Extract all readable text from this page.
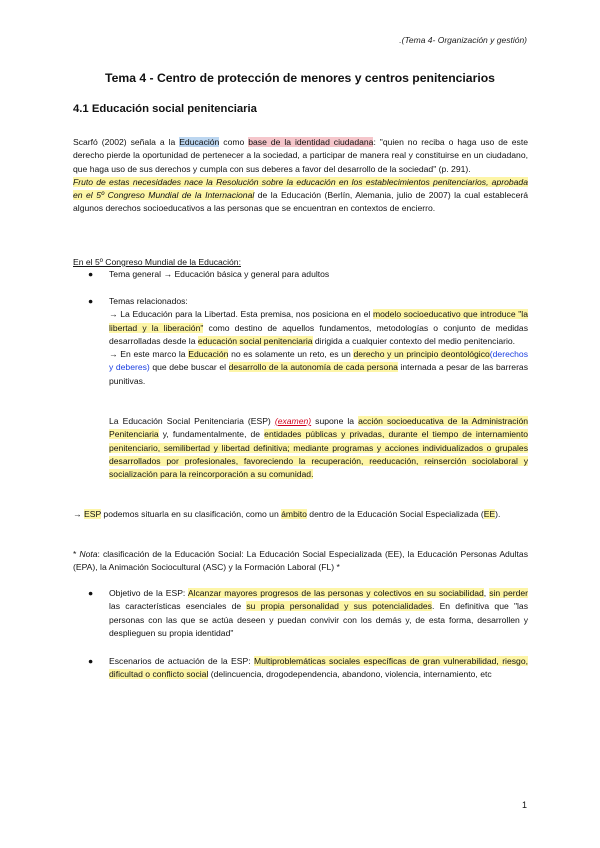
.(Tema 4- Organización y gestión)
Tema 4 - Centro de protección de menores y centros penitenciarios
4.1 Educación social penitenciaria
Scarfó (2002) señala a la Educación como base de la identidad ciudadana: "quien no reciba o haga uso de este derecho pierde la oportunidad de pertenecer a la sociedad, a participar de manera real y constituirse en un ciudadano, que haga uso de sus derechos y cumpla con sus deberes a favor del desarrollo de la sociedad" (p. 291).
Fruto de estas necesidades nace la Resolución sobre la educación en los establecimientos penitenciarios, aprobada en el 5º Congreso Mundial de la Internacional de la Educación (Berlín, Alemania, julio de 2007) la cual establecerá algunos derechos socioeducativos a las personas que se encuentran en contextos de encierro.
En el 5º Congreso Mundial de la Educación:
● Tema general → Educación básica y general para adultos
● Temas relacionados:
→ La Educación para la Libertad. Esta premisa, nos posiciona en el modelo socioeducativo que introduce "la libertad y la liberación" como destino de aquellos fundamentos, metodologías o conjunto de medidas desarrolladas desde la educación social penitenciaria dirigida a cualquier contexto del medio penitenciario.
→ En este marco la Educación no es solamente un reto, es un derecho y un principio deontológico(derechos y deberes) que debe buscar el desarrollo de la autonomía de cada persona internada a pesar de las barreras punitivas.
La Educación Social Penitenciaria (ESP) (examen) supone la acción socioeducativa de la Administración Penitenciaria y, fundamentalmente, de entidades públicas y privadas, durante el tiempo de internamiento penitenciario, semilibertad y libertad definitiva; mediante programas y acciones individualizados o grupales desarrollados por profesionales, favoreciendo la recuperación, reeducación, reinserción sociolaboral y socialización para la reincorporación a su comunidad.
→ ESP podemos situarla en su clasificación, como un ámbito dentro de la Educación Social Especializada (EE).
* Nota: clasificación de la Educación Social: La Educación Social Especializada (EE), la Educación Personas Adultas (EPA), la Animación Sociocultural (ASC) y la Formación Laboral (FL) *
● Objetivo de la ESP: Alcanzar mayores progresos de las personas y colectivos en su sociabilidad, sin perder las características esenciales de su propia personalidad y sus potencialidades. En definitiva que "las personas con las que se actúa deseen y puedan convivir con los demás y, de esta forma, desarrollen y desplieguen su propia identidad"
● Escenarios de actuación de la ESP: Multiproblemáticas sociales específicas de gran vulnerabilidad, riesgo, dificultad o conflicto social (delincuencia, drogodependencia, abandono, violencia, internamiento, etc
1
